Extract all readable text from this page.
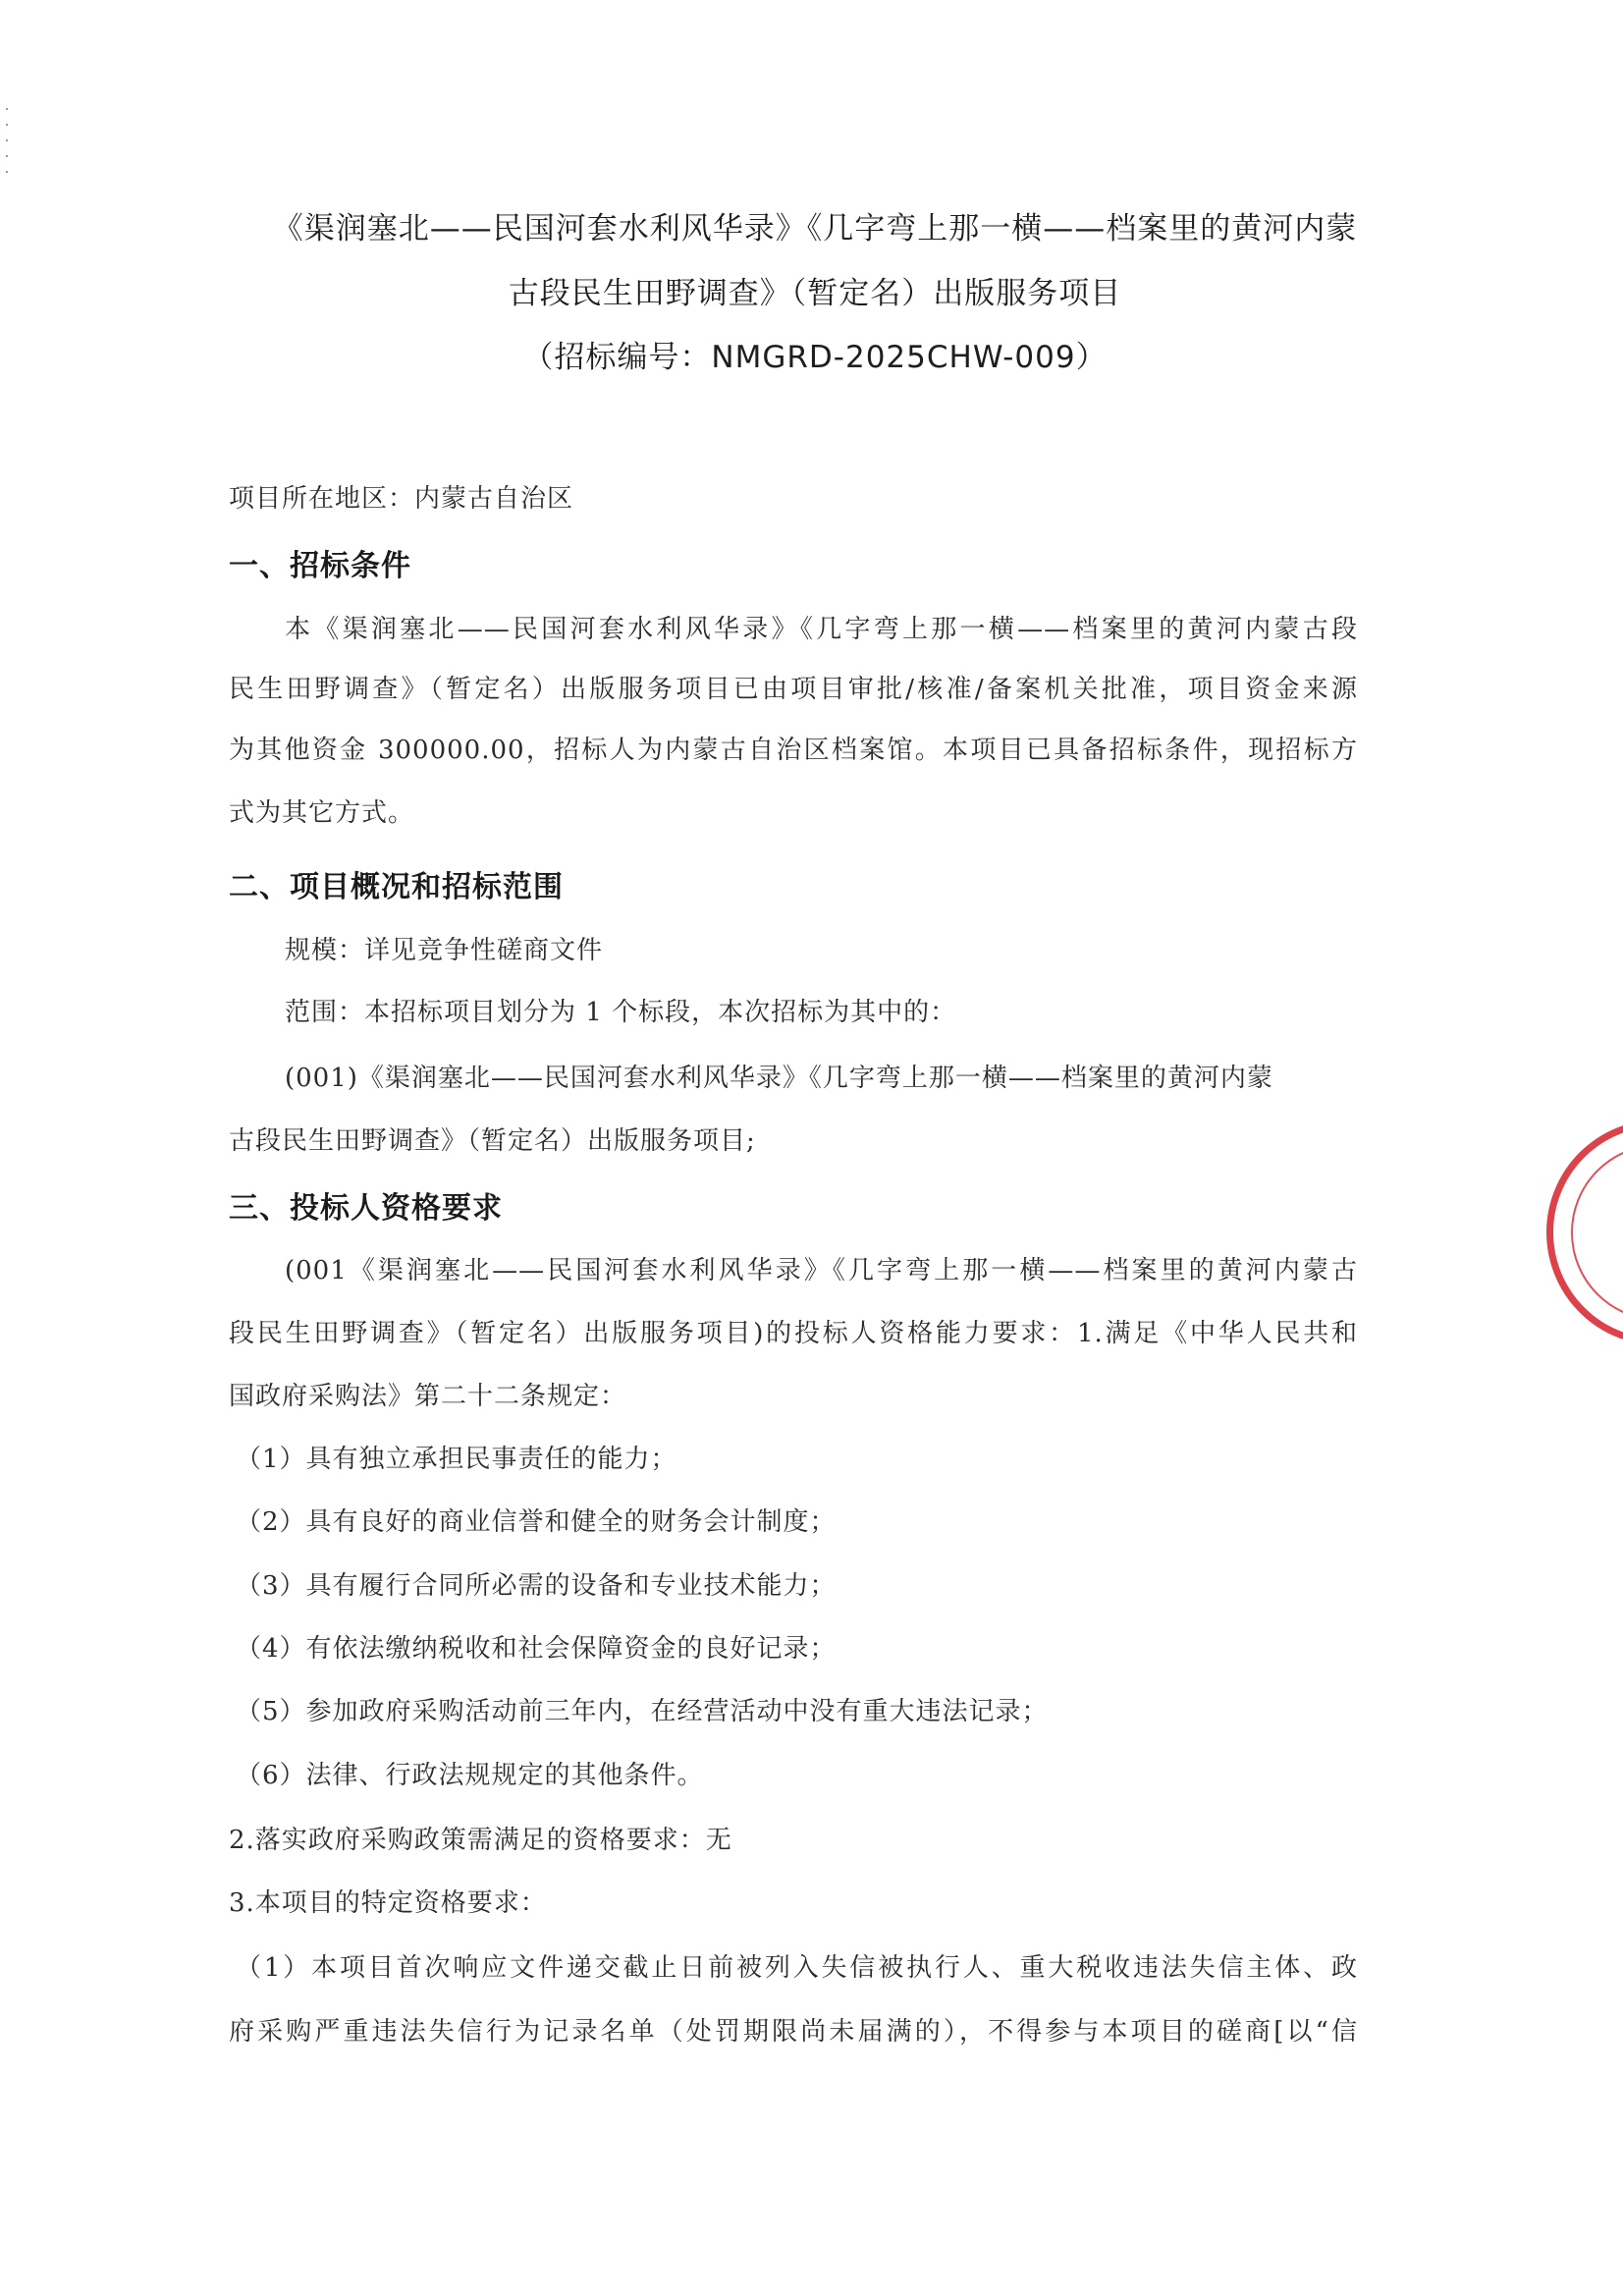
《渠润塞北——民国河套水利风华录》《几字弯上那一横——档案里的黄河内蒙
古段民生田野调查》（暂定名）出版服务项目
（招标编号：NMGRD-2025CHW-009）
项目所在地区：内蒙古自治区
一、招标条件
本《渠润塞北——民国河套水利风华录》《几字弯上那一横——档案里的黄河内蒙古段
民生田野调查》（暂定名）出版服务项目已由项目审批/核准/备案机关批准，项目资金来源
为其他资金 300000.00，招标人为内蒙古自治区档案馆。本项目已具备招标条件，现招标方
式为其它方式。
二、项目概况和招标范围
规模：详见竞争性磋商文件
范围：本招标项目划分为 1 个标段，本次招标为其中的：
(001)《渠润塞北——民国河套水利风华录》《几字弯上那一横——档案里的黄河内蒙
古段民生田野调查》（暂定名）出版服务项目;
三、投标人资格要求
(001《渠润塞北——民国河套水利风华录》《几字弯上那一横——档案里的黄河内蒙古
段民生田野调查》（暂定名）出版服务项目)的投标人资格能力要求：1.满足《中华人民共和
国政府采购法》第二十二条规定：
（1）具有独立承担民事责任的能力；
（2）具有良好的商业信誉和健全的财务会计制度；
（3）具有履行合同所必需的设备和专业技术能力；
（4）有依法缴纳税收和社会保障资金的良好记录；
（5）参加政府采购活动前三年内，在经营活动中没有重大违法记录；
（6）法律、行政法规规定的其他条件。
2.落实政府采购政策需满足的资格要求：无
3.本项目的特定资格要求：
（1）本项目首次响应文件递交截止日前被列入失信被执行人、重大税收违法失信主体、政
府采购严重违法失信行为记录名单（处罚期限尚未届满的），不得参与本项目的磋商[以“信
